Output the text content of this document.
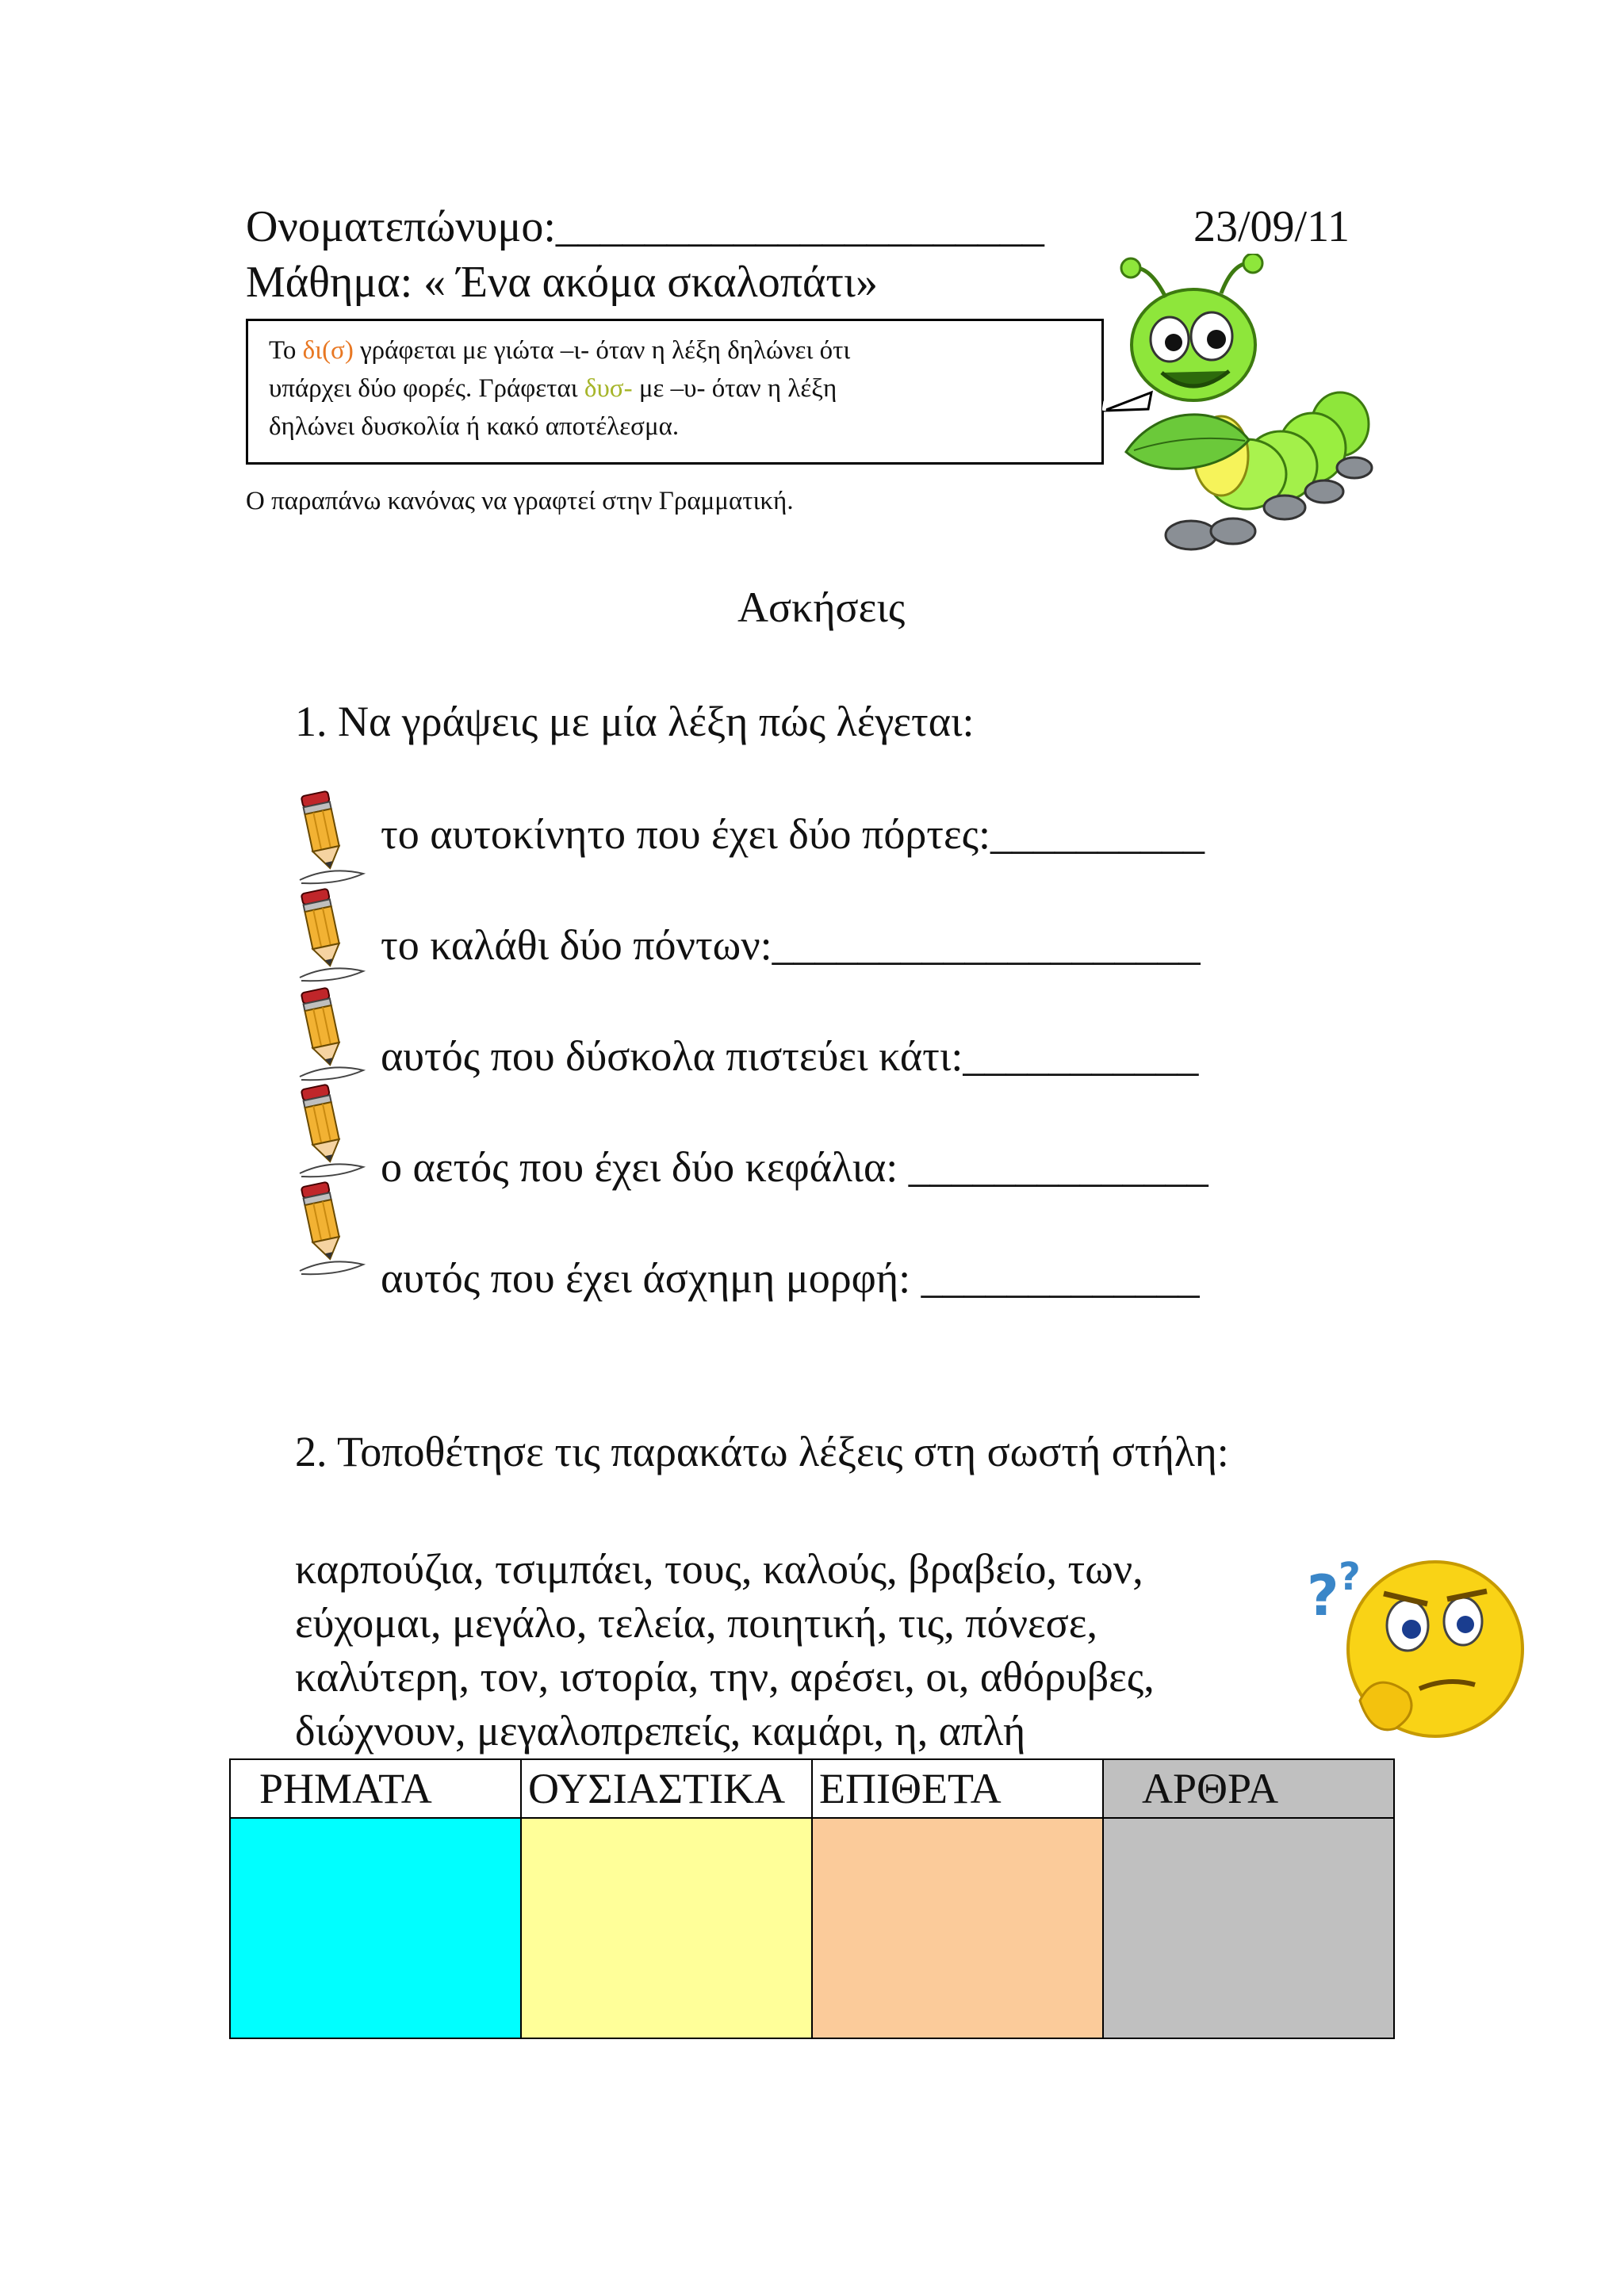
Ονοματεπώνυμο:______________________	23/09/11
Μάθημα: « Ένα ακόμα σκαλοπάτι»
Το δι(σ) γράφεται με γιώτα –ι- όταν η λέξη δηλώνει ότι
υπάρχει δύο φορές. Γράφεται δυσ- με –υ- όταν η λέξη
δηλώνει δυσκολία ή κακό αποτέλεσμα.
Ο παραπάνω κανόνας να γραφτεί στην Γραμματική.
Ασκήσεις
1. Να γράψεις με μία λέξη πώς λέγεται:
το αυτοκίνητο που έχει δύο πόρτες:__________
το καλάθι δύο πόντων:____________________
αυτός που δύσκολα πιστεύει κάτι:___________
ο αετός που έχει δύο κεφάλια: ______________
αυτός που έχει άσχημη μορφή: _____________
2. Τοποθέτησε τις παρακάτω λέξεις στη σωστή στήλη:
καρπούζια, τσιμπάει, τους, καλούς, βραβείο, των,
εύχομαι, μεγάλο, τελεία, ποιητική, τις, πόνεσε,
καλύτερη, τον, ιστορία, την, αρέσει, οι, αθόρυβες,
διώχνουν, μεγαλοπρεπείς, καμάρι, η, απλή
? ?
ΡΗΜΑΤΑ	ΟΥΣΙΑΣΤΙΚΑ	ΕΠΙΘΕΤΑ	ΑΡΘΡΑ
